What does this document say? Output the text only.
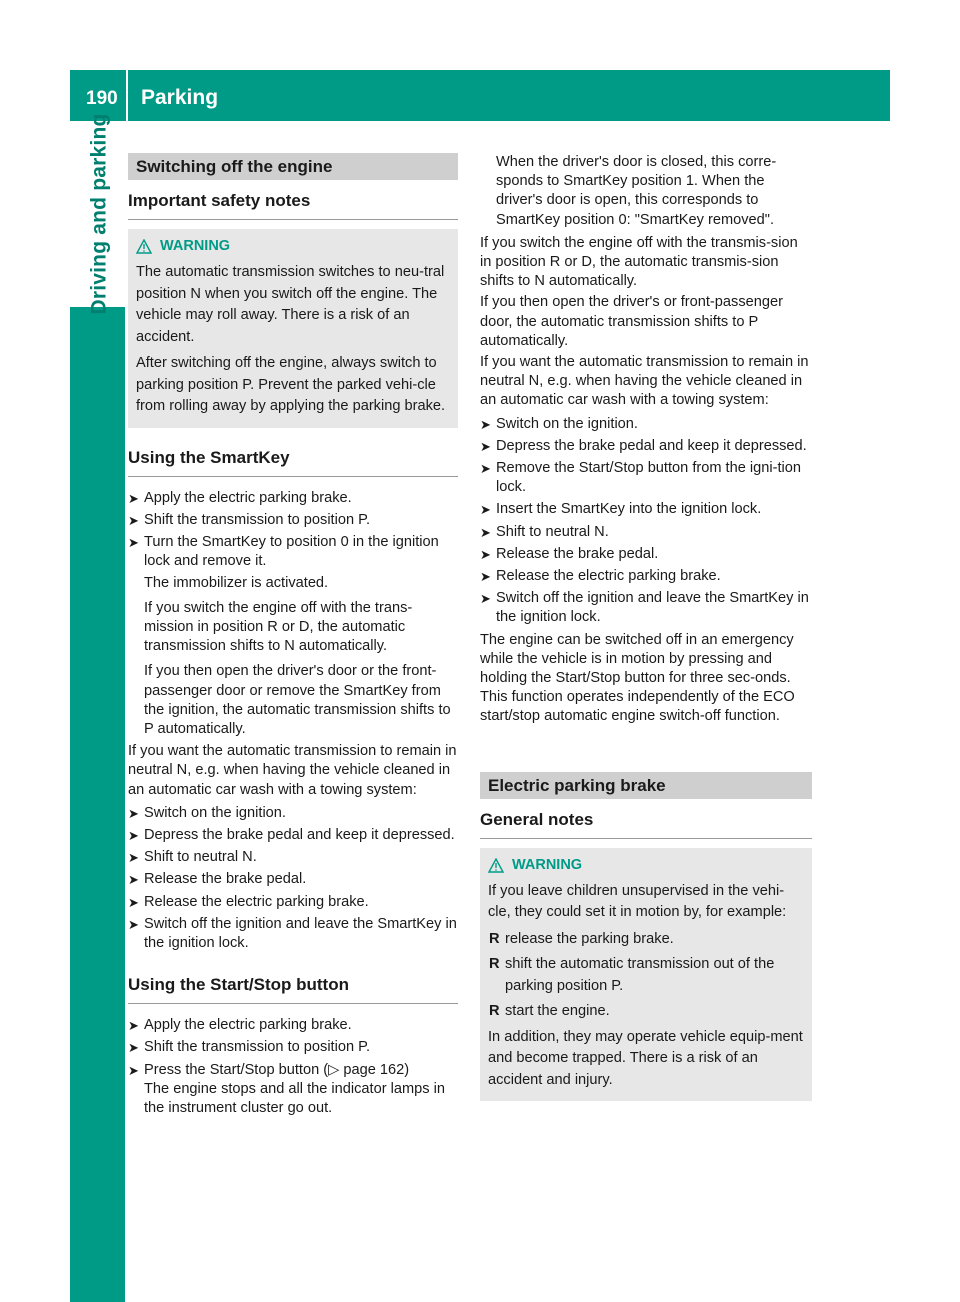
190 Parking
Driving and parking	Switching off the engine
Important safety notes
WARNING

The automatic transmission switches to neu-tral position N when you switch off the engine. The vehicle may roll away. There is a risk of an accident.

After switching off the engine, always switch to parking position P. Prevent the parked vehi-cle from rolling away by applying the parking brake.

Using the SmartKey
➤ Apply the electric parking brake.
➤ Shift the transmission to position P.
➤ Turn the SmartKey to position 0 in the ignition lock and remove it.
The immobilizer is activated.
If you switch the engine off with the trans-mission in position R or D, the automatic transmission shifts to N automatically.
If you then open the driver's door or the front-passenger door or remove the SmartKey from the ignition, the automatic transmission shifts to P automatically.
If you want the automatic transmission to remain in neutral N, e.g. when having the vehicle cleaned in an automatic car wash with a towing system:
➤ Switch on the ignition.
➤ Depress the brake pedal and keep it depressed.
➤ Shift to neutral N.
➤ Release the brake pedal.
➤ Release the electric parking brake.
➤ Switch off the ignition and leave the SmartKey in the ignition lock.
Using the Start/Stop button
➤ Apply the electric parking brake.
➤ Shift the transmission to position P.
➤ Press the Start/Stop button (▷ page 162)
The engine stops and all the indicator lamps in the instrument cluster go out.
When the driver's door is closed, this corre-sponds to SmartKey position 1. When the driver's door is open, this corresponds to SmartKey position 0: "SmartKey removed".
If you switch the engine off with the transmis-sion in position R or D, the automatic transmis-sion shifts to N automatically.
If you then open the driver's or front-passenger door, the automatic transmission shifts to P automatically.
If you want the automatic transmission to remain in neutral N, e.g. when having the vehicle cleaned in an automatic car wash with a towing system:
➤ Switch on the ignition.
➤ Depress the brake pedal and keep it depressed.
➤ Remove the Start/Stop button from the igni-tion lock.
➤ Insert the SmartKey into the ignition lock.
➤ Shift to neutral N.
➤ Release the brake pedal.
➤ Release the electric parking brake.
➤ Switch off the ignition and leave the SmartKey in the ignition lock.
The engine can be switched off in an emergency while the vehicle is in motion by pressing and holding the Start/Stop button for three sec-onds. This function operates independently of the ECO start/stop automatic engine switch-off function.
Electric parking brake
General notes
WARNING

If you leave children unsupervised in the vehi-cle, they could set it in motion by, for example:

R release the parking brake.
R shift the automatic transmission out of the parking position P.
R start the engine.

In addition, they may operate vehicle equip-ment and become trapped. There is a risk of an accident and injury.
